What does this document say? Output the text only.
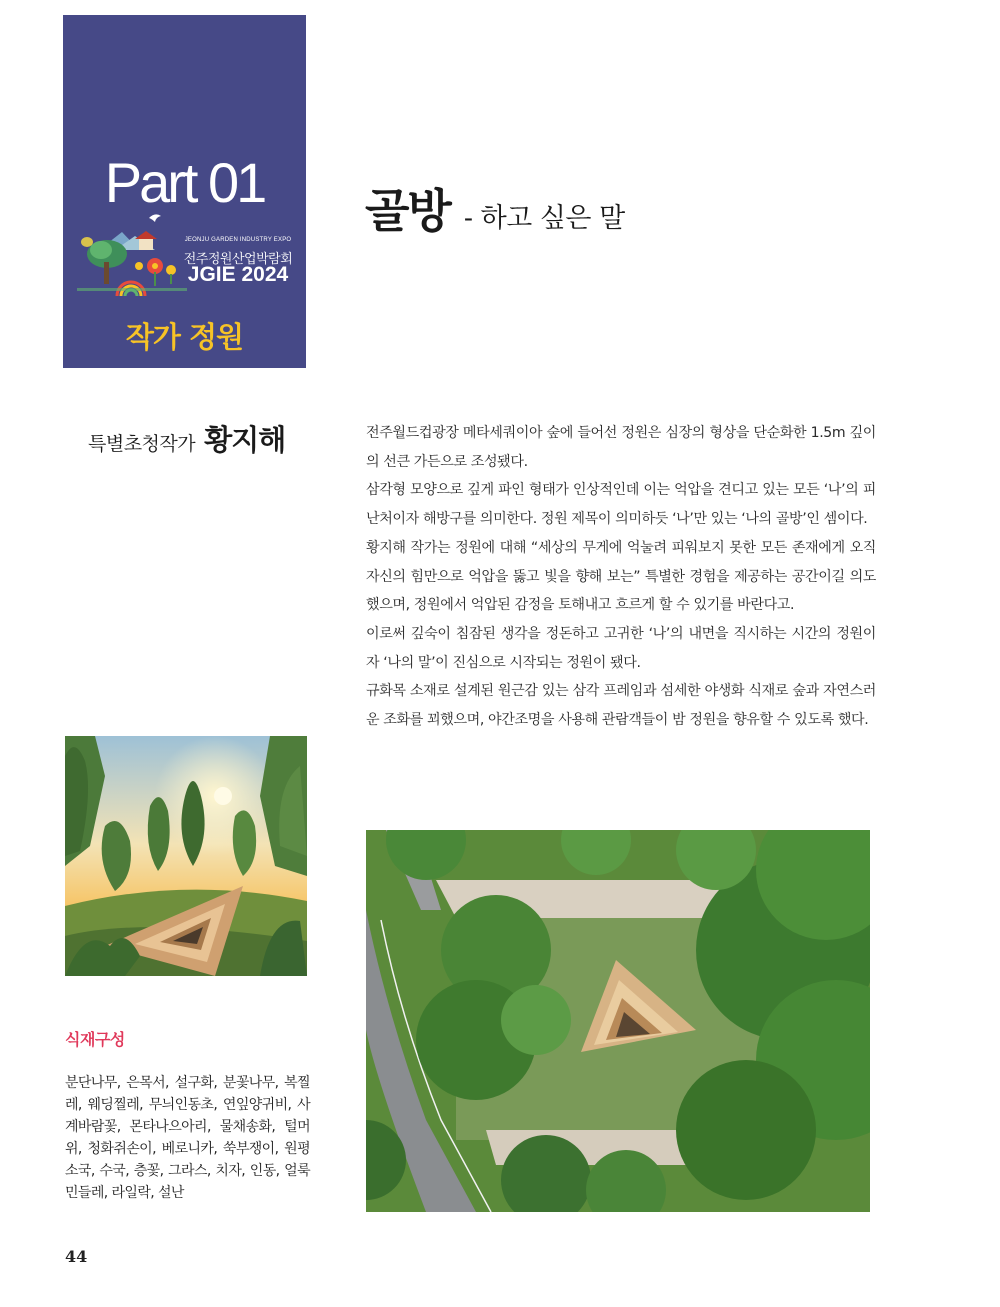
Part 01
JEONJU GARDEN INDUSTRY EXPO
전주정원산업박람회
JGIE 2024
작가 정원
골방 - 하고 싶은 말
특별초청작가 황지해	전주월드컵광장 메타세쿼이아 숲에 들어선 정원은 심장의 형상을 단순화한 1.5m 깊이의 선큰 가든으로 조성됐다.

삼각형 모양으로 깊게 파인 형태가 인상적인데 이는 억압을 견디고 있는 모든 ‘나’의 피난처이자 해방구를 의미한다. 정원 제목이 의미하듯 ‘나’만 있는 ‘나의 골방’인 셈이다.

황지해 작가는 정원에 대해 “세상의 무게에 억눌려 피워보지 못한 모든 존재에게 오직 자신의 힘만으로 억압을 뚫고 빛을 향해 보는” 특별한 경험을 제공하는 공간이길 의도했으며, 정원에서 억압된 감정을 토해내고 흐르게 할 수 있기를 바란다고.

이로써 깊숙이 침잠된 생각을 정돈하고 고귀한 ‘나’의 내면을 직시하는 시간의 정원이자 ‘나의 말’이 진심으로 시작되는 정원이 됐다.

규화목 소재로 설계된 원근감 있는 삼각 프레임과 섬세한 야생화 식재로 숲과 자연스러운 조화를 꾀했으며, 야간조명을 사용해 관람객들이 밤 정원을 향유할 수 있도록 했다.

식재구성
분단나무, 은목서, 설구화, 분꽃나무, 복찔레, 웨딩찔레, 무늬인동초, 연잎양귀비, 사계바람꽃, 몬타나으아리, 물채송화, 털머위, 청화쥐손이, 베로니카, 쑥부쟁이, 원평소국, 수국, 층꽃, 그라스, 치자, 인동, 얼룩민들레, 라일락, 설난
44
